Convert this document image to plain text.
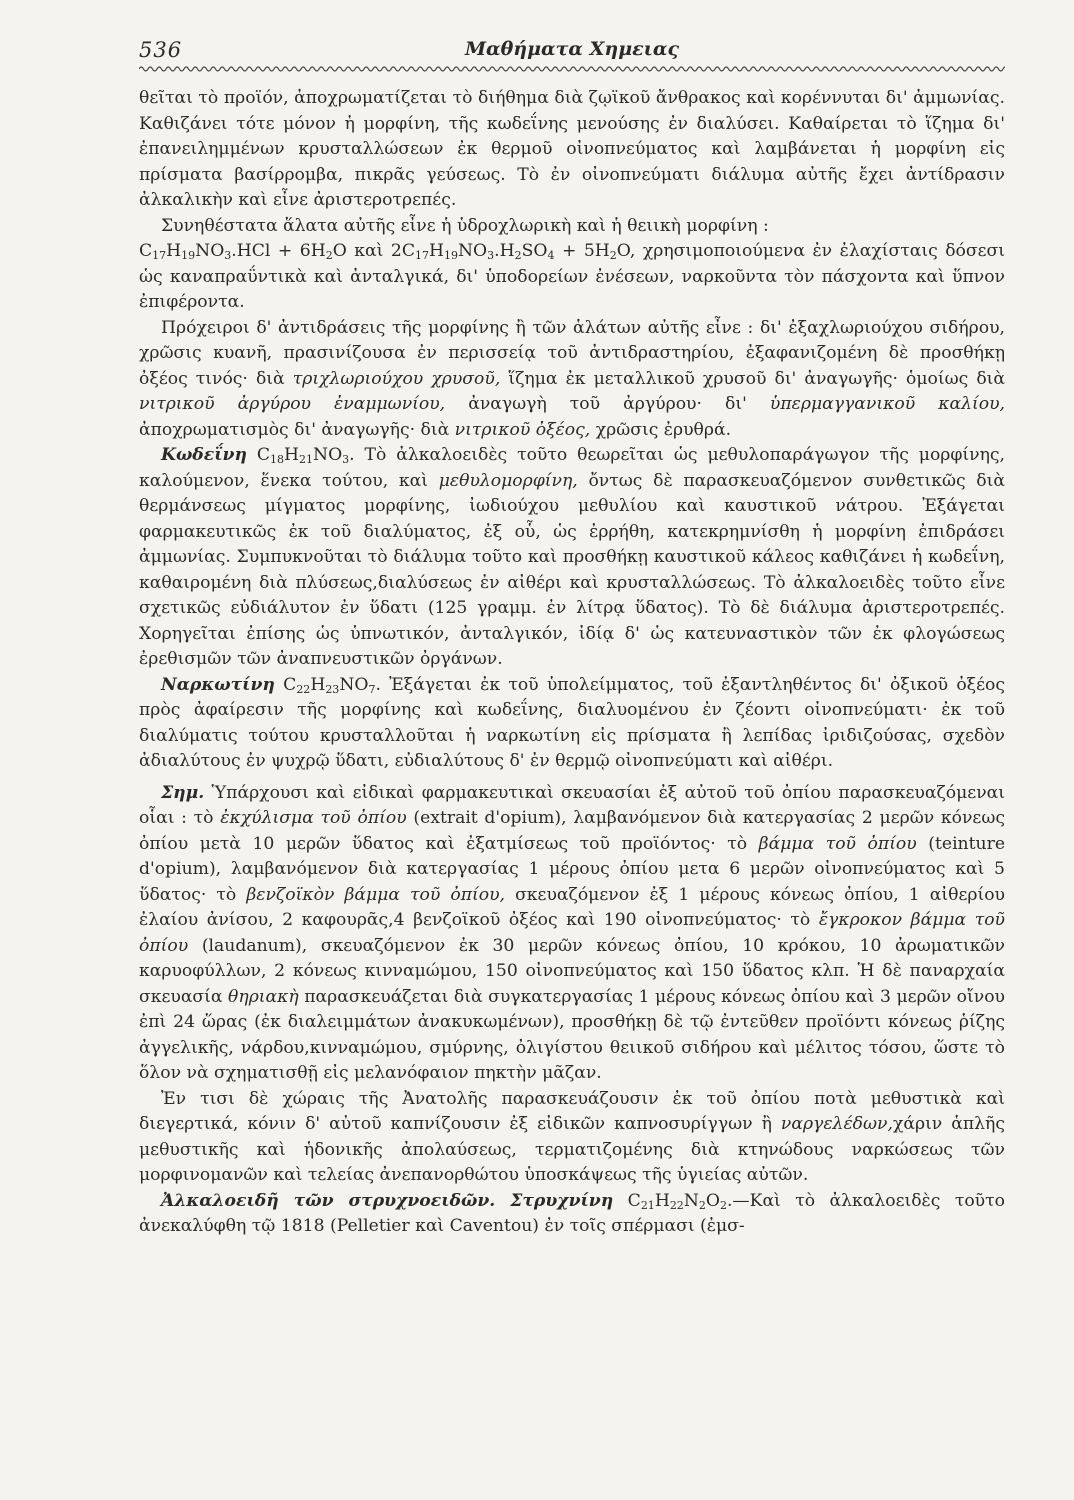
536	Μαθήματα Χημειας

θεῖται τὸ προϊόν, ἀποχρωματίζεται τὸ διήθημα διὰ ζῳϊκοῦ ἄνθρακος καὶ κορέννυται δι' ἀμμωνίας. Καθιζάνει τότε μόνον ἡ μορφίνη, τῆς κωδεΐνης μενούσης ἐν διαλύσει. Καθαίρεται τὸ ἵζημα δι' ἐπανειλημμένων κρυσταλλώσεων ἐκ θερμοῦ οἰνοπνεύματος καὶ λαμβάνεται ἡ μορφίνη εἰς πρίσματα βασίρρομβα, πικρᾶς γεύσεως. Τὸ ἐν οἰνοπνεύματι διάλυμα αὐτῆς ἔχει ἀντίδρασιν ἀλκαλικὴν καὶ εἶνε ἀριστεροτρεπές.

Συνηθέστατα ἅλατα αὐτῆς εἶνε ἡ ὑδροχλωρικὴ καὶ ἡ θειικὴ μορφίνη :
$C_{17}H_{19}NO_3.HCl + 6H_2O$ καὶ $2C_{17}H_{19}NO_3.H_2SO_4 + 5H_2O$, χρησιμοποιούμενα ἐν ἐλαχίσταις δόσεσι ὡς καναπραΰντικὰ καὶ ἀνταλγικά, δι' ὑποδορείων ἐνέσεων, ναρκοῦντα τὸν πάσχοντα καὶ ὕπνον ἐπιφέροντα.

Πρόχειροι δ' ἀντιδράσεις τῆς μορφίνης ἢ τῶν ἁλάτων αὐτῆς εἶνε : δι' ἐξαχλωριούχου σιδήρου, χρῶσις κυανῆ, πρασινίζουσα ἐν περισσείᾳ τοῦ ἀντιδραστηρίου, ἐξαφανιζομένη δὲ προσθήκῃ ὀξέος τινός· διὰ τριχλωριούχου χρυσοῦ, ἵζημα ἐκ μεταλλικοῦ χρυσοῦ δι' ἀναγωγῆς· ὁμοίως διὰ νιτρικοῦ ἀργύρου ἐναμμωνίου, ἀναγωγὴ τοῦ ἀργύρου· δι' ὑπερμαγγανικοῦ καλίου, ἀποχρωματισμὸς δι' ἀναγωγῆς· διὰ νιτρικοῦ ὀξέος, χρῶσις ἐρυθρά.

Κωδεΐνη $C_{18}H_{21}NO_3$. Τὸ ἀλκαλοειδὲς τοῦτο θεωρεῖται ὡς μεθυλοπαράγωγον τῆς μορφίνης, καλούμενον, ἕνεκα τούτου, καὶ μεθυλομορφίνη, ὄντως δὲ παρασκευαζόμενον συνθετικῶς διὰ θερμάνσεως μίγματος μορφίνης, ἰωδιούχου μεθυλίου καὶ καυστικοῦ νάτρου. Ἐξάγεται φαρμακευτικῶς ἐκ τοῦ διαλύματος, ἐξ οὗ, ὡς ἐρρήθη, κατεκρημνίσθη ἡ μορφίνη ἐπιδράσει ἀμμωνίας. Συμπυκνοῦται τὸ διάλυμα τοῦτο καὶ προσθήκῃ καυστικοῦ κάλεος καθιζάνει ἡ κωδεΐνη, καθαιρομένη διὰ πλύσεως,διαλύσεως ἐν αἰθέρι καὶ κρυσταλλώσεως. Τὸ ἀλκαλοειδὲς τοῦτο εἶνε σχετικῶς εὐδιάλυτον ἐν ὕδατι (125 γραμμ. ἐν λίτρᾳ ὕδατος). Τὸ δὲ διάλυμα ἀριστεροτρεπές. Χορηγεῖται ἐπίσης ὡς ὑπνωτικόν, ἀνταλγικόν, ἰδίᾳ δ' ὡς κατευναστικὸν τῶν ἐκ φλογώσεως ἐρεθισμῶν τῶν ἀναπνευστικῶν ὀργάνων.

Ναρκωτίνη $C_{22}H_{23}NO_7$. Ἐξάγεται ἐκ τοῦ ὑπολείμματος, τοῦ ἐξαντληθέντος δι' ὀξικοῦ ὀξέος πρὸς ἀφαίρεσιν τῆς μορφίνης καὶ κωδεΐνης, διαλυομένου ἐν ζέοντι οἰνοπνεύματι· ἐκ τοῦ διαλύματις τούτου κρυσταλλοῦται ἡ ναρκωτίνη εἰς πρίσματα ἢ λεπίδας ἰριδιζούσας, σχεδὸν ἀδιαλύτους ἐν ψυχρῷ ὕδατι, εὐδιαλύτους δ' ἐν θερμῷ οἰνοπνεύματι καὶ αἰθέρι.

Σημ. Ὑπάρχουσι καὶ εἰδικαὶ φαρμακευτικαὶ σκευασίαι ἐξ αὐτοῦ τοῦ ὀπίου παρασκευαζόμεναι οἷαι : τὸ ἐκχύλισμα τοῦ ὀπίου (extrait d'opium), λαμβανόμενον διὰ κατεργασίας 2 μερῶν κόνεως ὀπίου μετὰ 10 μερῶν ὕδατος καὶ ἐξατμίσεως τοῦ προϊόντος· τὸ βάμμα τοῦ ὀπίου (teinture d'opium), λαμβανόμενον διὰ κατεργασίας 1 μέρους ὀπίου μετα 6 μερῶν οἰνοπνεύματος καὶ 5 ὕδατος· τὸ βενζοϊκὸν βάμμα τοῦ ὀπίου, σκευαζόμενον ἐξ 1 μέρους κόνεως ὀπίου, 1 αἰθερίου ἐλαίου ἀνίσου, 2 καφουρᾶς,4 βενζοϊκοῦ ὀξέος καὶ 190 οἰνοπνεύματος· τὸ ἔγκροκον βάμμα τοῦ ὀπίου (laudanum), σκευαζόμενον ἐκ 30 μερῶν κόνεως ὀπίου, 10 κρόκου, 10 ἀρωματικῶν καρυοφύλλων, 2 κόνεως κινναμώμου, 150 οἰνοπνεύματος καὶ 150 ὕδατος κλπ. Ἡ δὲ παναρχαία σκευασία θηριακὴ παρασκευάζεται διὰ συγκατεργασίας 1 μέρους κόνεως ὀπίου καὶ 3 μερῶν οἴνου ἐπὶ 24 ὥρας (ἐκ διαλειμμάτων ἀνακυκωμένων), προσθήκῃ δὲ τῷ ἐντεῦθεν προϊόντι κόνεως ῥίζης ἀγγελικῆς, νάρδου,κινναμώμου, σμύρνης, ὀλιγίστου θειικοῦ σιδήρου καὶ μέλιτος τόσου, ὥστε τὸ ὅλον νὰ σχηματισθῇ εἰς μελανόφαιον πηκτὴν μᾶζαν.

Ἐν τισι δὲ χώραις τῆς Ἀνατολῆς παρασκευάζουσιν ἐκ τοῦ ὀπίου ποτὰ μεθυστικὰ καὶ διεγερτικά, κόνιν δ' αὐτοῦ καπνίζουσιν ἐξ εἰδικῶν καπνοσυρίγγων ἢ ναργελέδων,χάριν ἁπλῆς μεθυστικῆς καὶ ἡδονικῆς ἀπολαύσεως, τερματιζομένης διὰ κτηνώδους ναρκώσεως τῶν μορφινομανῶν καὶ τελείας ἀνεπανορθώτου ὑποσκάψεως τῆς ὑγιείας αὐτῶν.

Ἀλκαλοειδῆ τῶν στρυχνοειδῶν. Στρυχνίνη $C_{21}H_{22}N_2O_2.—K\alpha ὶ$ τὸ ἀλκαλοειδὲς τοῦτο ἀνεκαλύφθη τῷ 1818 (Pelletier καὶ Caventou) ἐν τοῖς σπέρμασι (ἐμσ-
